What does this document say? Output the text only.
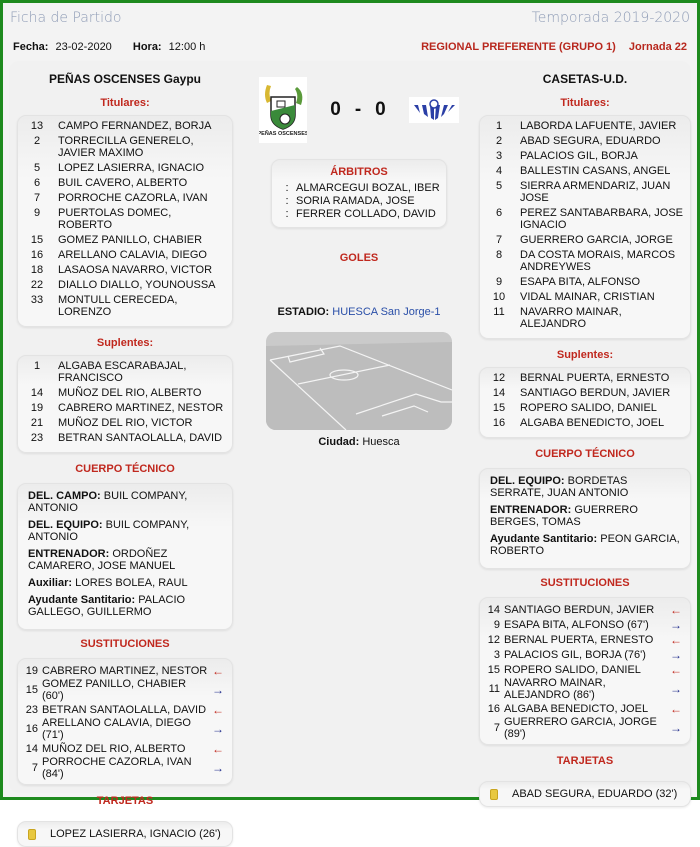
Ficha de Partido	Temporada 2019-2020
Fecha: 23-02-2020 Hora: 12:00 h	REGIONAL PREFERENTE (GRUPO 1) Jornada 22
PEÑAS OSCENSES Gaypu
Titulares:
13	CAMPO FERNANDEZ, BORJA
2	TORRECILLA GENERELO, JAVIER MAXIMO
5	LOPEZ LASIERRA, IGNACIO
6	BUIL CAVERO, ALBERTO
7	PORROCHE CAZORLA, IVAN
9	PUERTOLAS DOMEC, ROBERTO
15	GOMEZ PANILLO, CHABIER
16	ARELLANO CALAVIA, DIEGO
18	LASAOSA NAVARRO, VICTOR
22	DIALLO DIALLO, YOUNOUSSA
33	MONTULL CERECEDA, LORENZO
Suplentes:
1	ALGABA ESCARABAJAL, FRANCISCO
14	MUÑOZ DEL RIO, ALBERTO
19	CABRERO MARTINEZ, NESTOR
21	MUÑOZ DEL RIO, VICTOR
23	BETRAN SANTAOLALLA, DAVID
CUERPO TÉCNICO
DEL. CAMPO: BUIL COMPANY, ANTONIO
DEL. EQUIPO: BUIL COMPANY, ANTONIO
ENTRENADOR: ORDOÑEZ CAMARERO, JOSE MANUEL
Auxiliar: LORES BOLEA, RAUL
Ayudante Santitario: PALACIO GALLEGO, GUILLERMO
SUSTITUCIONES
19 CABRERO MARTINEZ, NESTOR ←
15 GOMEZ PANILLO, CHABIER (60')	→
23 BETRAN SANTAOLALLA, DAVID ←
16 ARELLANO CALAVIA, DIEGO (71')	→
14 MUÑOZ DEL RIO, ALBERTO	←
7 PORROCHE CAZORLA, IVAN (84')	→
TARJETAS
LOPEZ LASIERRA, IGNACIO (26')
PEÑAS OSCENSES
0 - 0
ÁRBITROS
: ALMARCEGUI BOZAL, IBER
: SORIA RAMADA, JOSE
: FERRER COLLADO, DAVID
GOLES
ESTADIO: HUESCA San Jorge-1
Ciudad: Huesca
CASETAS-U.D.
Titulares:
1	LABORDA LAFUENTE, JAVIER
2	ABAD SEGURA, EDUARDO
3	PALACIOS GIL, BORJA
4	BALLESTIN CASANS, ANGEL
5	SIERRA ARMENDARIZ, JUAN JOSE
6	PEREZ SANTABARBARA, JOSE IGNACIO
7	GUERRERO GARCIA, JORGE
8	DA COSTA MORAIS, MARCOS ANDREYWES
9	ESAPA BITA, ALFONSO
10	VIDAL MAINAR, CRISTIAN
11	NAVARRO MAINAR, ALEJANDRO
Suplentes:
12	BERNAL PUERTA, ERNESTO
14	SANTIAGO BERDUN, JAVIER
15	ROPERO SALIDO, DANIEL
16	ALGABA BENEDICTO, JOEL
CUERPO TÉCNICO
DEL. EQUIPO: BORDETAS SERRATE, JUAN ANTONIO
ENTRENADOR: GUERRERO BERGES, TOMAS
Ayudante Santitario: PEON GARCIA, ROBERTO
SUSTITUCIONES
14 SANTIAGO BERDUN, JAVIER	←
9 ESAPA BITA, ALFONSO (67')	→
12 BERNAL PUERTA, ERNESTO	←
3 PALACIOS GIL, BORJA (76')	→
15 ROPERO SALIDO, DANIEL	←
11 NAVARRO MAINAR, ALEJANDRO (86')	→
16 ALGABA BENEDICTO, JOEL	←
7 GUERRERO GARCIA, JORGE (89')	→
TARJETAS
ABAD SEGURA, EDUARDO (32')
